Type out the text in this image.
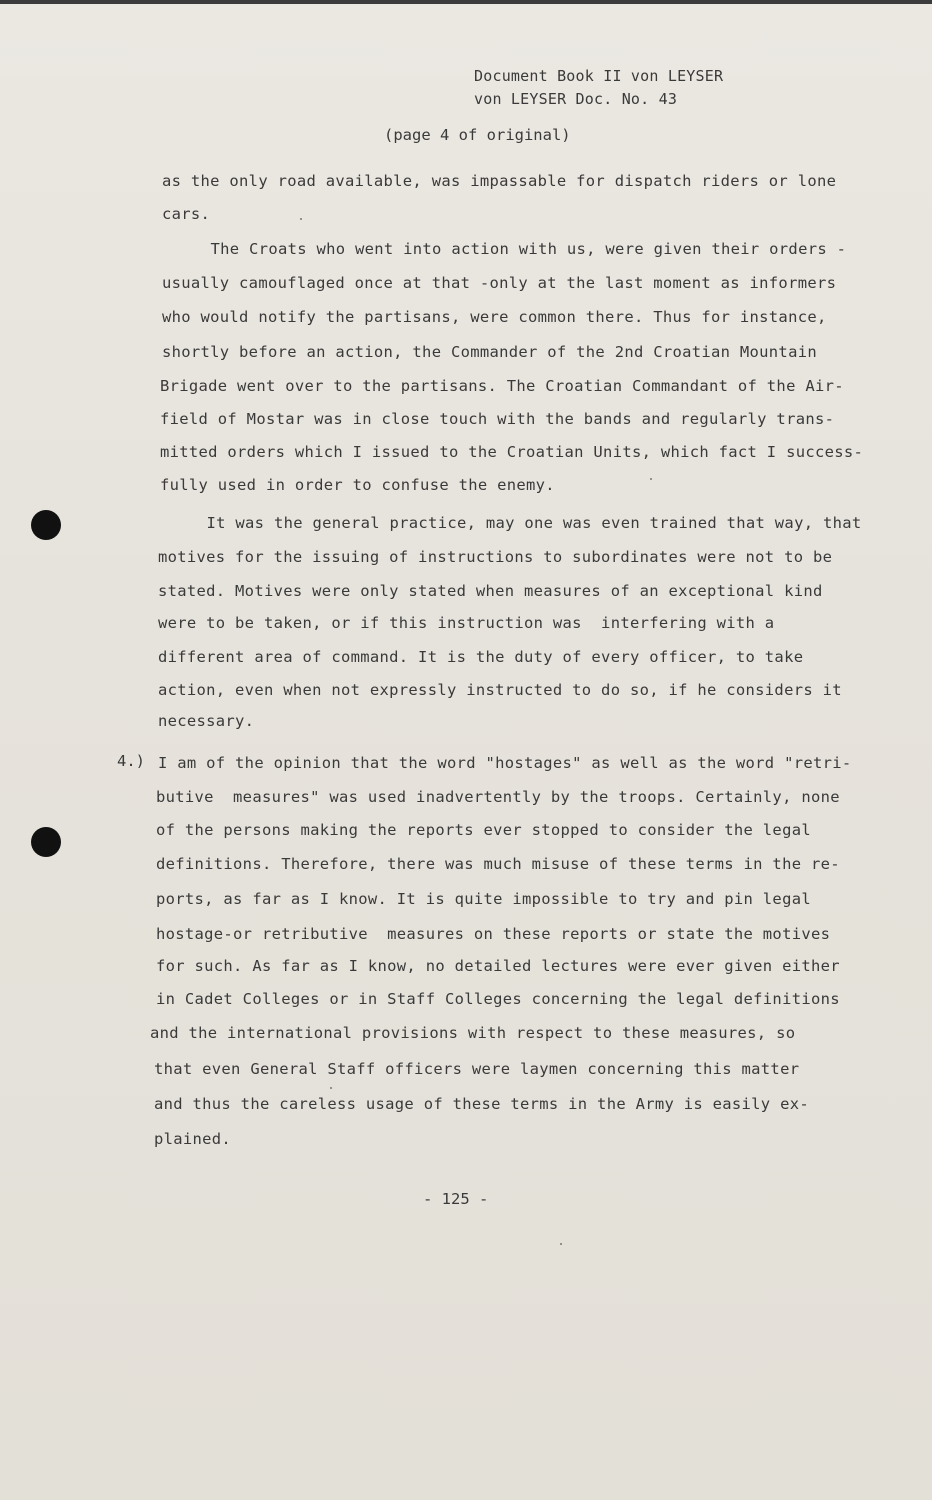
Document Book II von LEYSER
von LEYSER Doc. No. 43
(page 4 of original)
as the only road available, was impassable for dispatch riders or lone
cars.
The Croats who went into action with us, were given their orders -
usually camouflaged once at that -only at the last moment as informers
who would notify the partisans, were common there. Thus for instance,
shortly before an action, the Commander of the 2nd Croatian Mountain
Brigade went over to the partisans. The Croatian Commandant of the Air-
field of Mostar was in close touch with the bands and regularly trans-
mitted orders which I issued to the Croatian Units, which fact I success-
fully used in order to confuse the enemy.
It was the general practice, may one was even trained that way, that
motives for the issuing of instructions to subordinates were not to be
stated. Motives were only stated when measures of an exceptional kind
were to be taken, or if this instruction was  interfering with a
different area of command. It is the duty of every officer, to take
action, even when not expressly instructed to do so, if he considers it
necessary.
4.) I am of the opinion that the word "hostages" as well as the word "retri-
butive  measures" was used inadvertently by the troops. Certainly, none
of the persons making the reports ever stopped to consider the legal
definitions. Therefore, there was much misuse of these terms in the re-
ports, as far as I know. It is quite impossible to try and pin legal
hostage-or retributive  measures on these reports or state the motives
for such. As far as I know, no detailed lectures were ever given either
in Cadet Colleges or in Staff Colleges concerning the legal definitions
and the international provisions with respect to these measures, so
that even General Staff officers were laymen concerning this matter
and thus the careless usage of these terms in the Army is easily ex-
plained.
- 125 -
